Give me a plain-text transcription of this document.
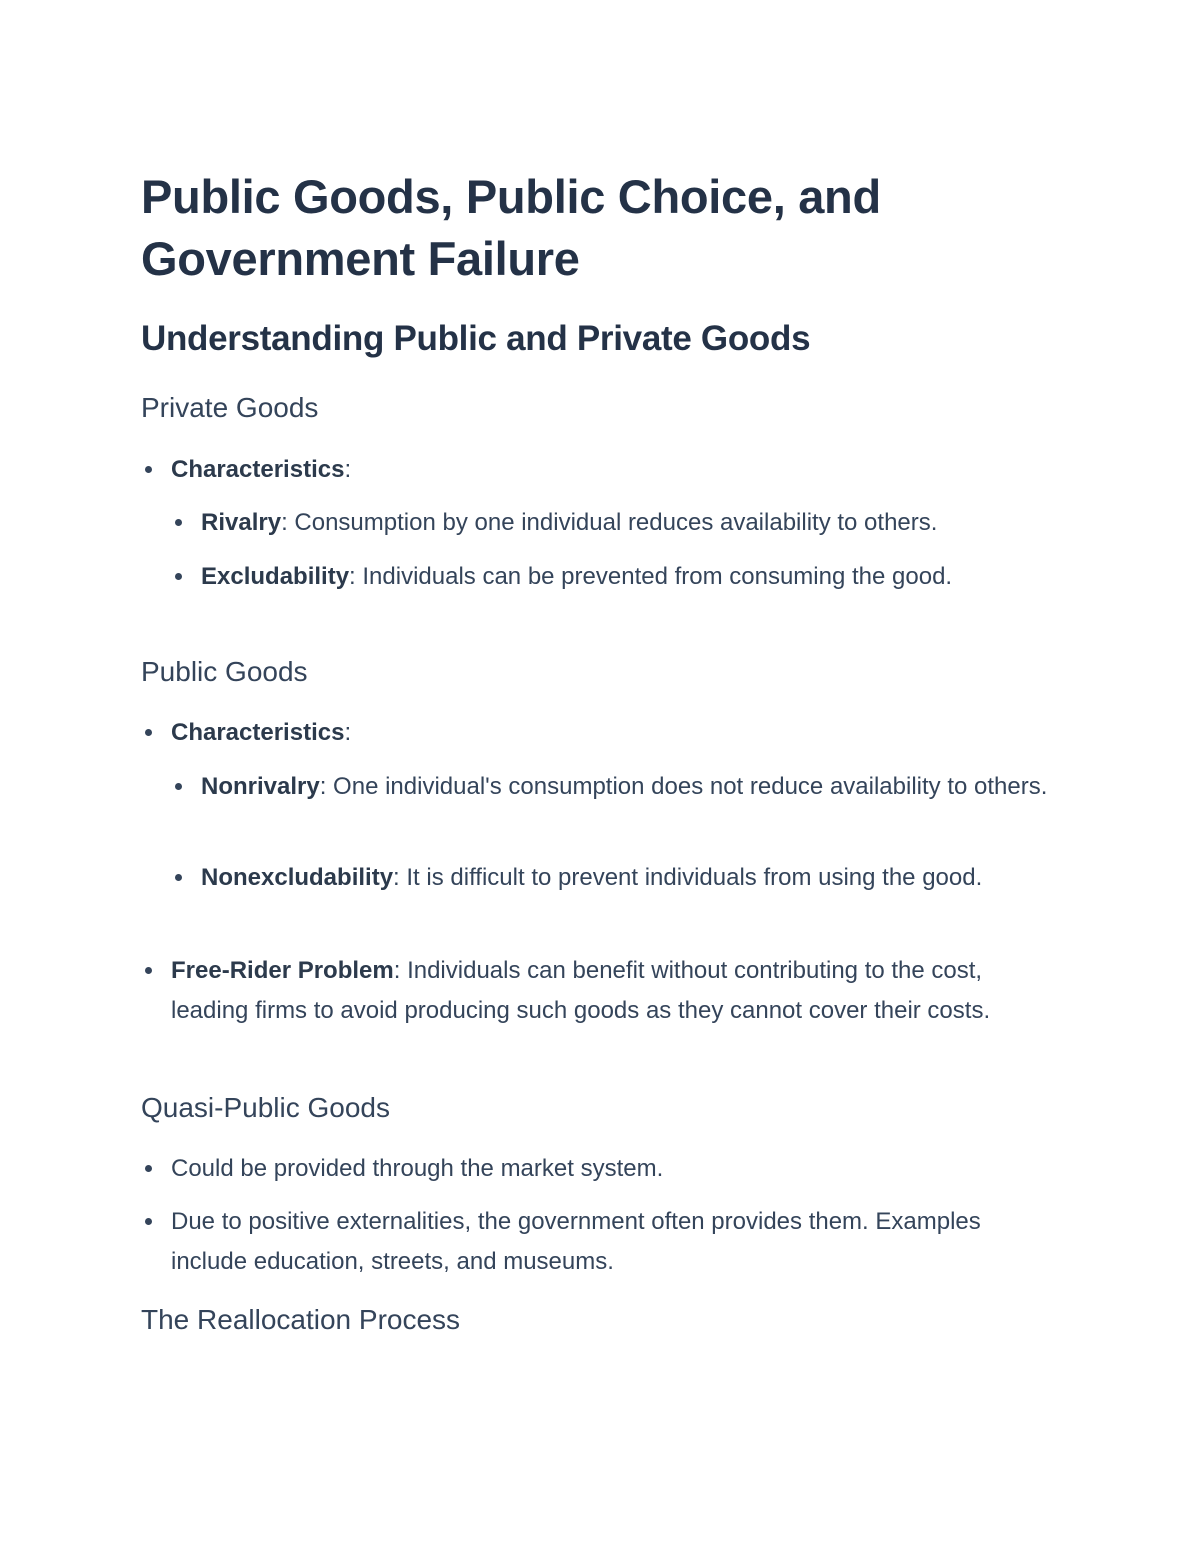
Public Goods, Public Choice, and Government Failure
Understanding Public and Private Goods
Private Goods
Characteristics:
Rivalry: Consumption by one individual reduces availability to others.
Excludability: Individuals can be prevented from consuming the good.
Public Goods
Characteristics:
Nonrivalry: One individual's consumption does not reduce availability to others.
Nonexcludability: It is difficult to prevent individuals from using the good.
Free-Rider Problem: Individuals can benefit without contributing to the cost, leading firms to avoid producing such goods as they cannot cover their costs.
Quasi-Public Goods
Could be provided through the market system.
Due to positive externalities, the government often provides them. Examples include education, streets, and museums.
The Reallocation Process
